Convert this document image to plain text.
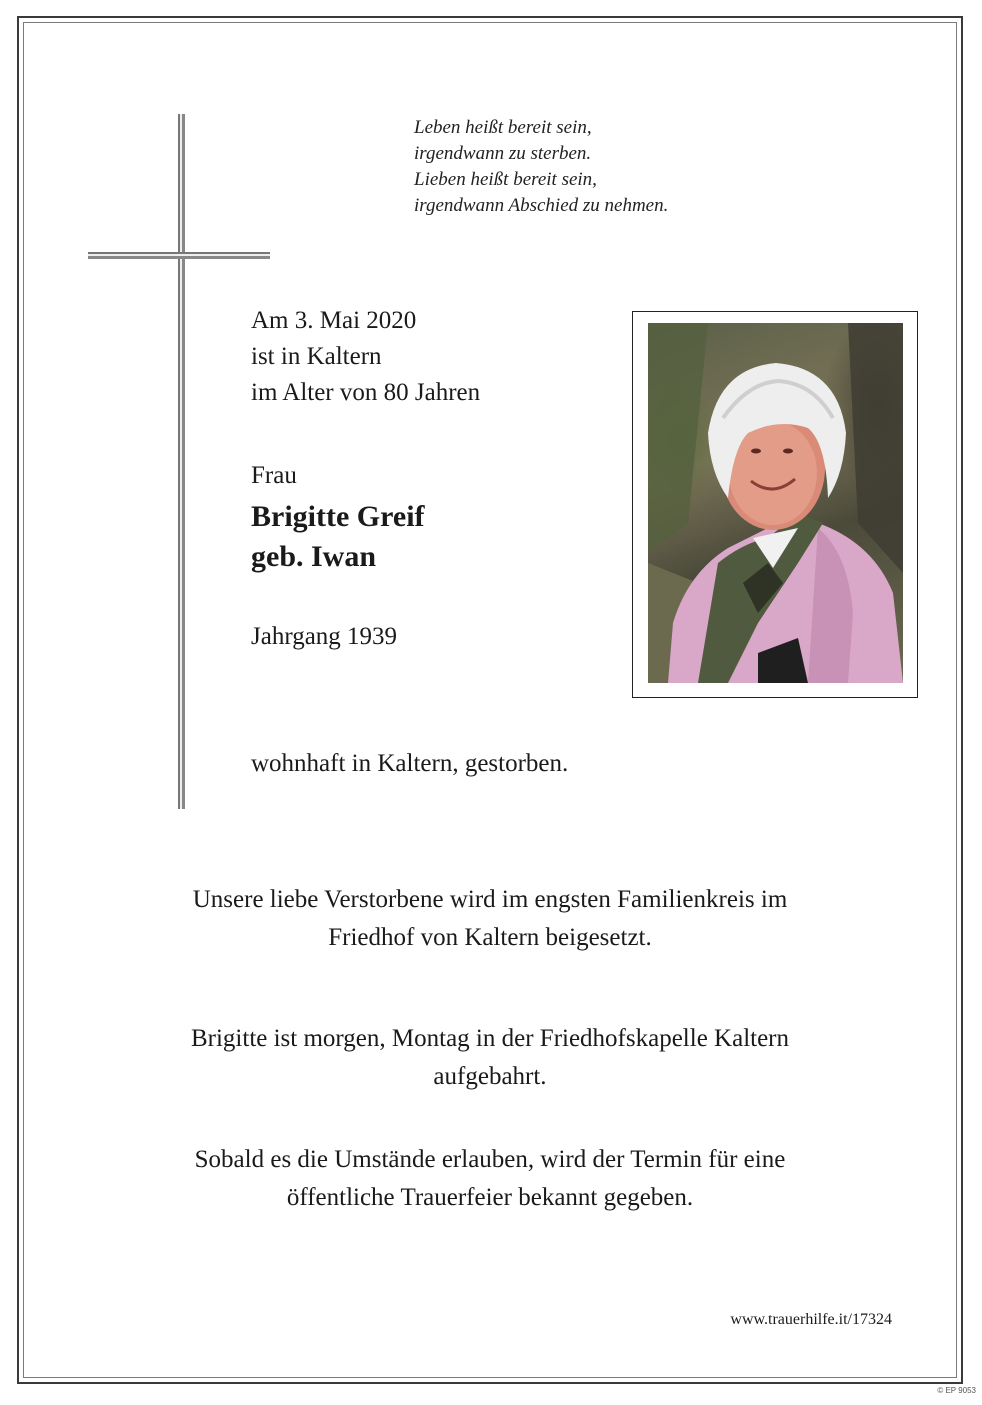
Leben heißt bereit sein,
irgendwann zu sterben.
Lieben heißt bereit sein,
irgendwann Abschied zu nehmen.
Am 3. Mai 2020
ist in Kaltern
im Alter von 80 Jahren
Frau
Brigitte Greif
geb. Iwan
Jahrgang 1939
wohnhaft in Kaltern, gestorben.
Unsere liebe Verstorbene wird im engsten Familienkreis im
Friedhof von Kaltern beigesetzt.
Brigitte ist morgen, Montag in der Friedhofskapelle Kaltern
aufgebahrt.
Sobald es die Umstände erlauben, wird der Termin für eine
öffentliche Trauerfeier bekannt gegeben.
www.trauerhilfe.it/17324
© EP 9053
